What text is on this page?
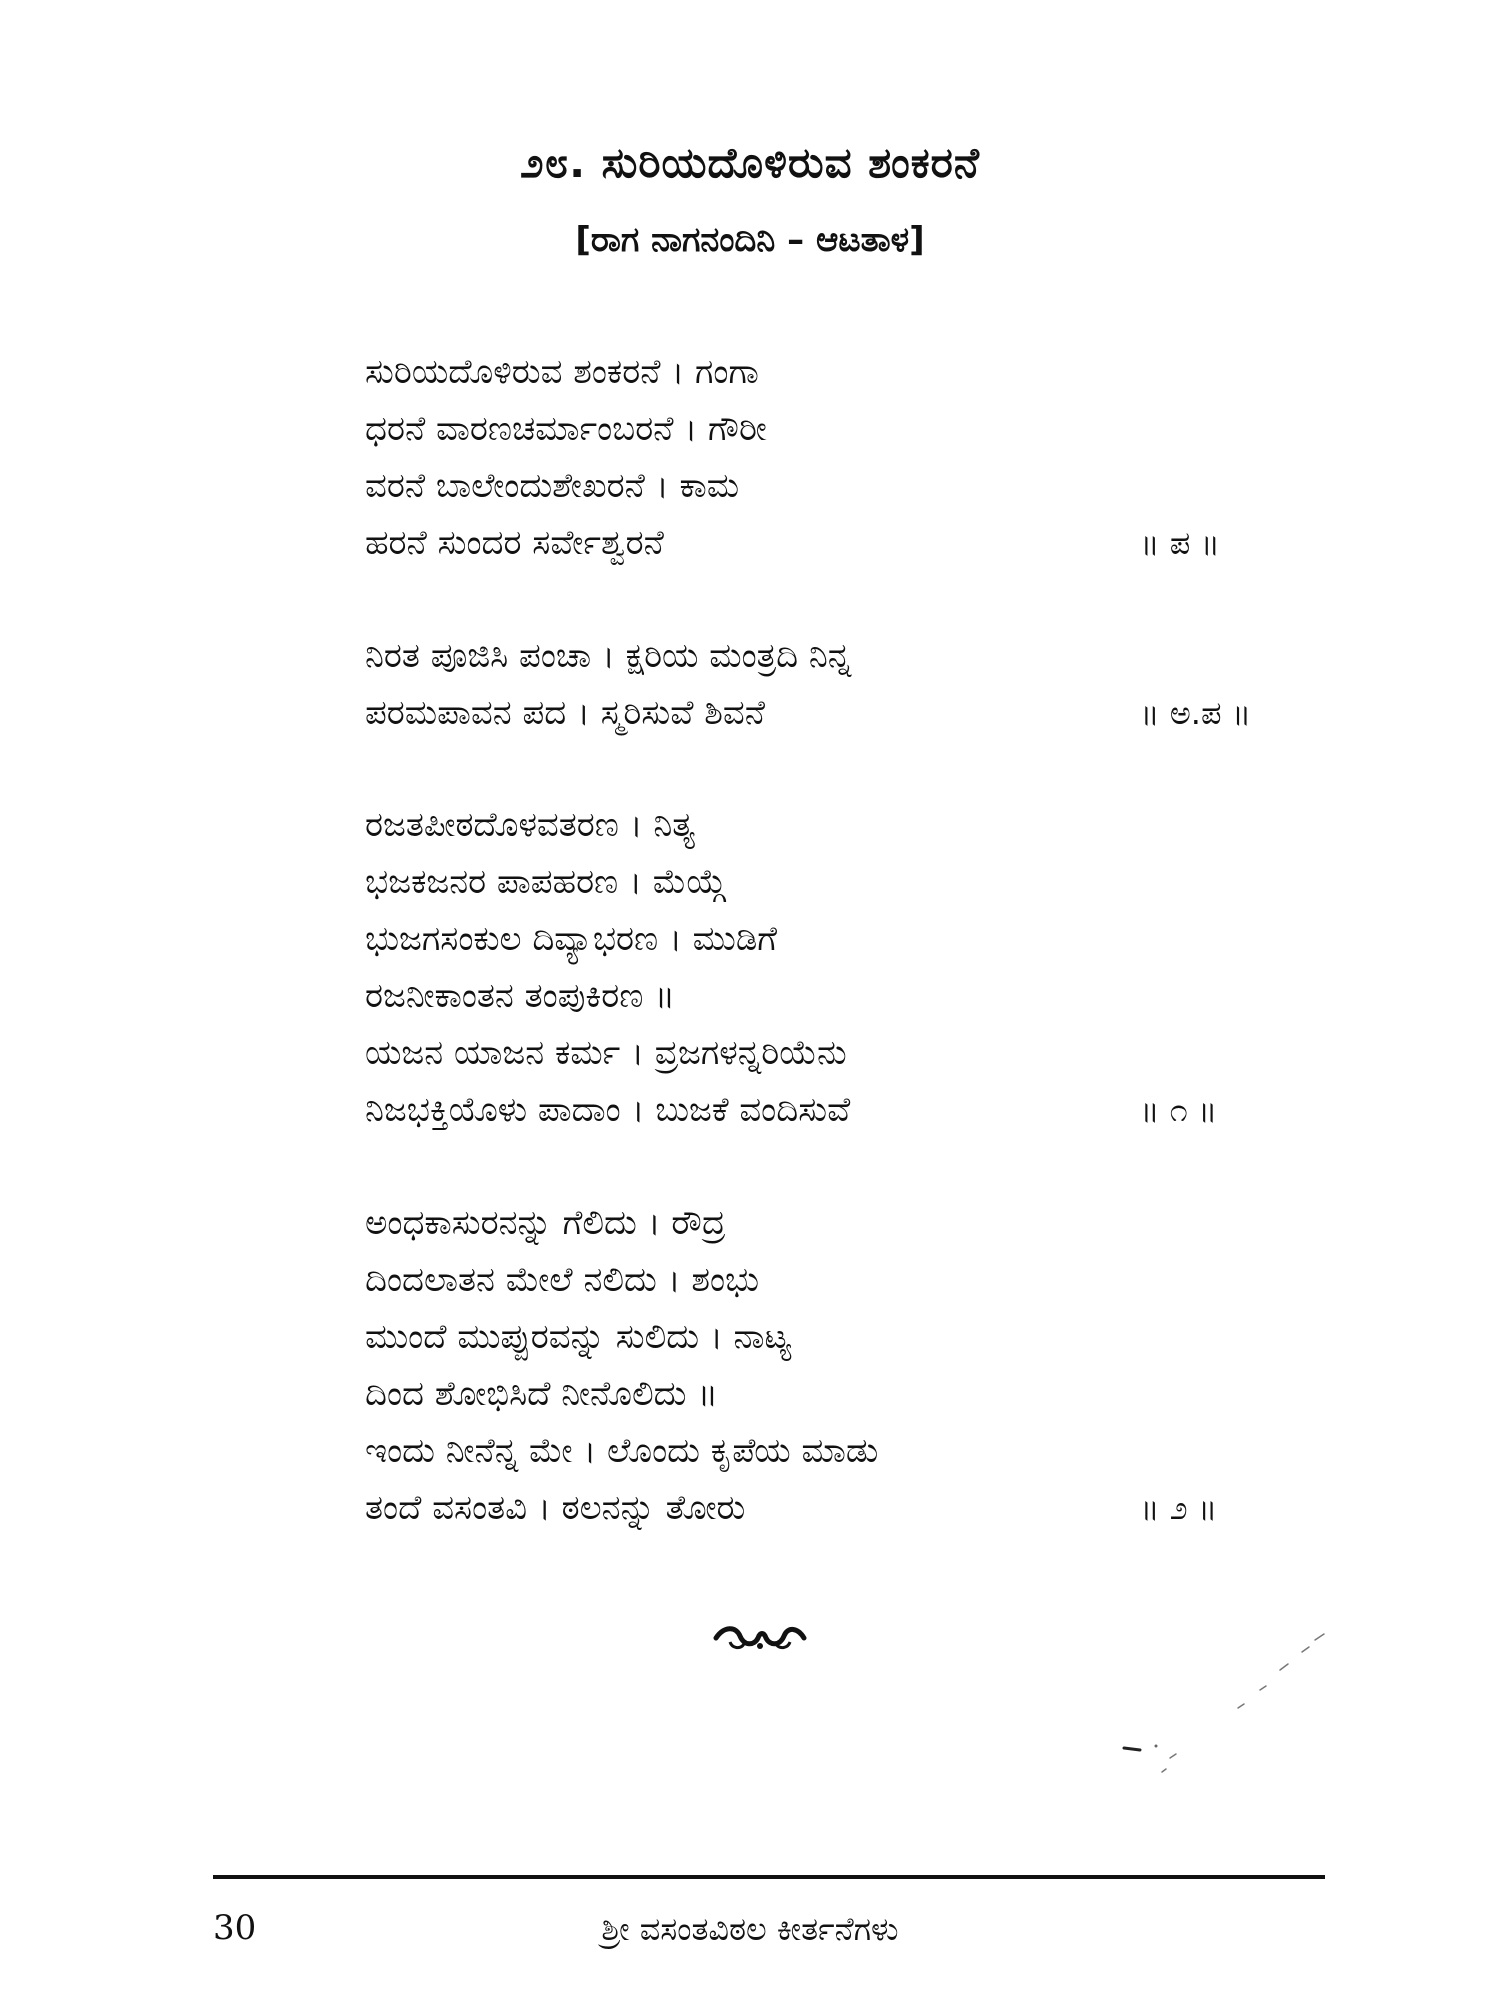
೨೮. ಸುರಿಯದೊಳಿರುವ ಶಂಕರನೆ
[ರಾಗ ನಾಗನಂದಿನಿ – ಆಟತಾಳ]
ಸುರಿಯದೊಳಿರುವ ಶಂಕರನೆ । ಗಂಗಾ
ಧರನೆ ವಾರಣಚರ್ಮಾಂಬರನೆ । ಗೌರೀ
ವರನೆ ಬಾಲೇಂದುಶೇಖರನೆ । ಕಾಮ
ಹರನೆ ಸುಂದರ ಸರ್ವೇಶ್ವರನೆ	॥ ಪ ॥
ನಿರತ ಪೂಜಿಸಿ ಪಂಚಾ । ಕ್ಷರಿಯ ಮಂತ್ರದಿ ನಿನ್ನ
ಪರಮಪಾವನ ಪದ । ಸ್ಮರಿಸುವೆ ಶಿವನೆ	॥ ಅ.ಪ ॥
ರಜತಪೀಠದೊಳವತರಣ । ನಿತ್ಯ
ಭಜಕಜನರ ಪಾಪಹರಣ । ಮೆಯ್ಗೆ
ಭುಜಗಸಂಕುಲ ದಿವ್ಯಾಭರಣ । ಮುಡಿಗೆ
ರಜನೀಕಾಂತನ ತಂಪುಕಿರಣ ॥
ಯಜನ ಯಾಜನ ಕರ್ಮ । ವ್ರಜಗಳನ್ನರಿಯೆನು
ನಿಜಭಕ್ತಿಯೊಳು ಪಾದಾಂ । ಬುಜಕೆ ವಂದಿಸುವೆ	॥ ೧ ॥
ಅಂಧಕಾಸುರನನ್ನು ಗೆಲಿದು । ರೌದ್ರ
ದಿಂದಲಾತನ ಮೇಲೆ ನಲಿದು । ಶಂಭು
ಮುಂದೆ ಮುಪ್ಪುರವನ್ನು ಸುಲಿದು । ನಾಟ್ಯ
ದಿಂದ ಶೋಭಿಸಿದೆ ನೀನೊಲಿದು ॥
ಇಂದು ನೀನೆನ್ನ ಮೇ । ಲೊಂದು ಕೃಪೆಯ ಮಾಡು
ತಂದೆ ವಸಂತವಿ । ಠಲನನ್ನು ತೋರು	॥ ೨ ॥
30	ಶ್ರೀ ವಸಂತವಿಠಲ ಕೀರ್ತನೆಗಳು
